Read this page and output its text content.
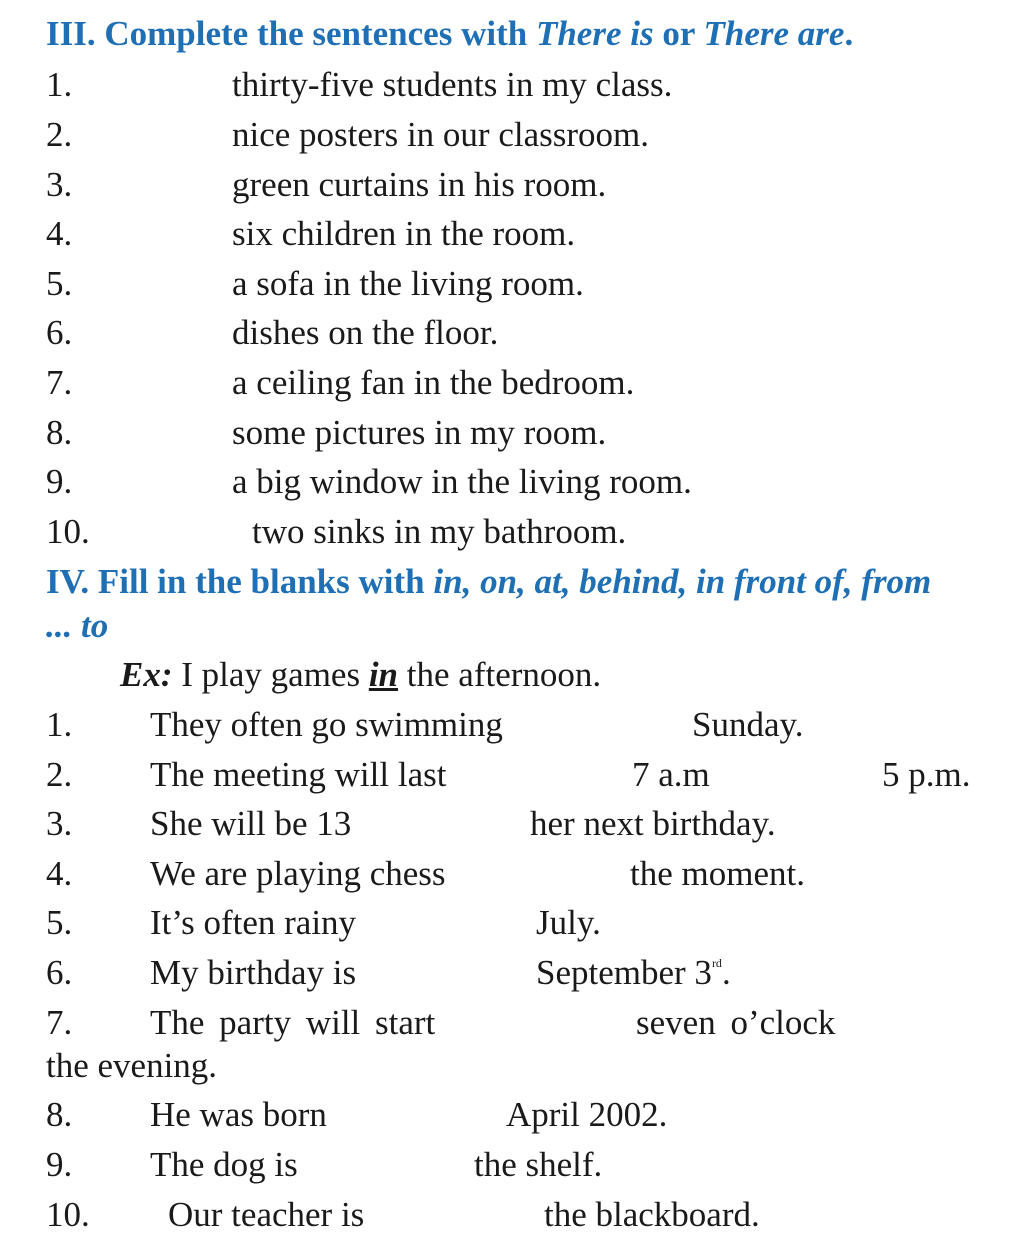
III. Complete the sentences with There is or There are.
1.	thirty-five students in my class.
2.	nice posters in our classroom.
3.	green curtains in his room.
4.	six children in the room.
5.	a sofa in the living room.
6.	dishes on the floor.
7.	a ceiling fan in the bedroom.
8.	some pictures in my room.
9.	a big window in the living room.
10.	two sinks in my bathroom.
IV. Fill in the blanks with in, on, at, behind, in front of, from
... to
Ex: I play games in the afternoon.
1. They often go swimming	Sunday.
2. The meeting will last	7 a.m	5 p.m.
3. She will be 13	her next birthday.
4. We are playing chess	the moment.
5. It’s often rainy	July.
6. My birthday is	September 3rd.
7. The party will start	seven o’clock
the evening.
8. He was born	April 2002.
9. The dog is	the shelf.
10. Our teacher is	the blackboard.
